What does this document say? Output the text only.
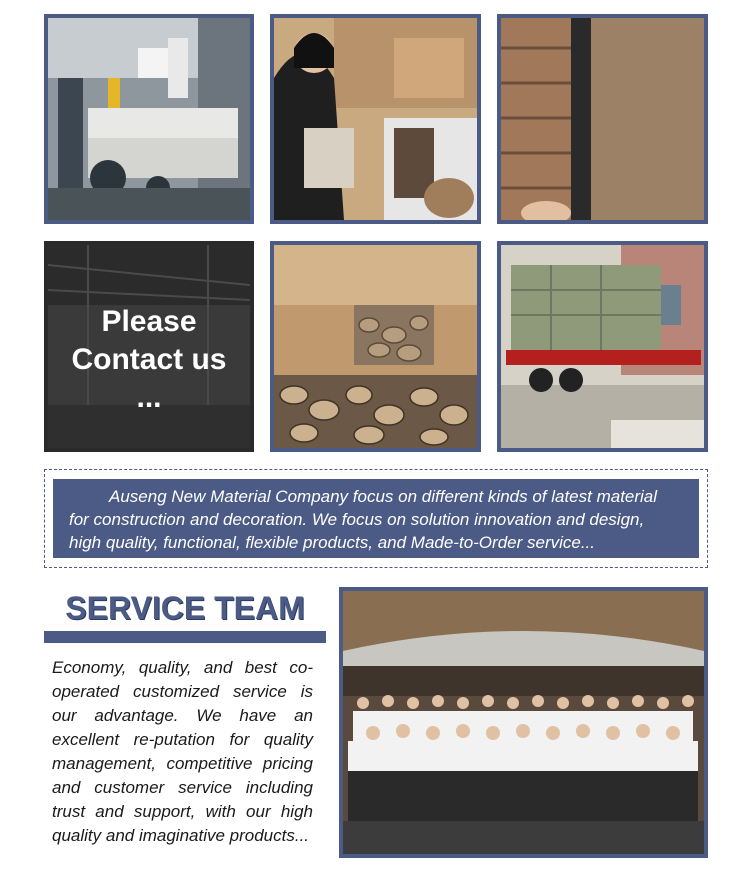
Please
Contact us
...
Auseng New Material Company focus on different kinds of latest material
for construction and decoration. We focus on solution innovation and design,
high quality, functional, flexible products, and Made-to-Order service...
SERVICE TEAM
Economy, quality, and best co-operated customized service is our advantage. We have an excellent re-putation for quality management, competitive pricing and customer service including trust and support, with our high quality and imaginative products...
